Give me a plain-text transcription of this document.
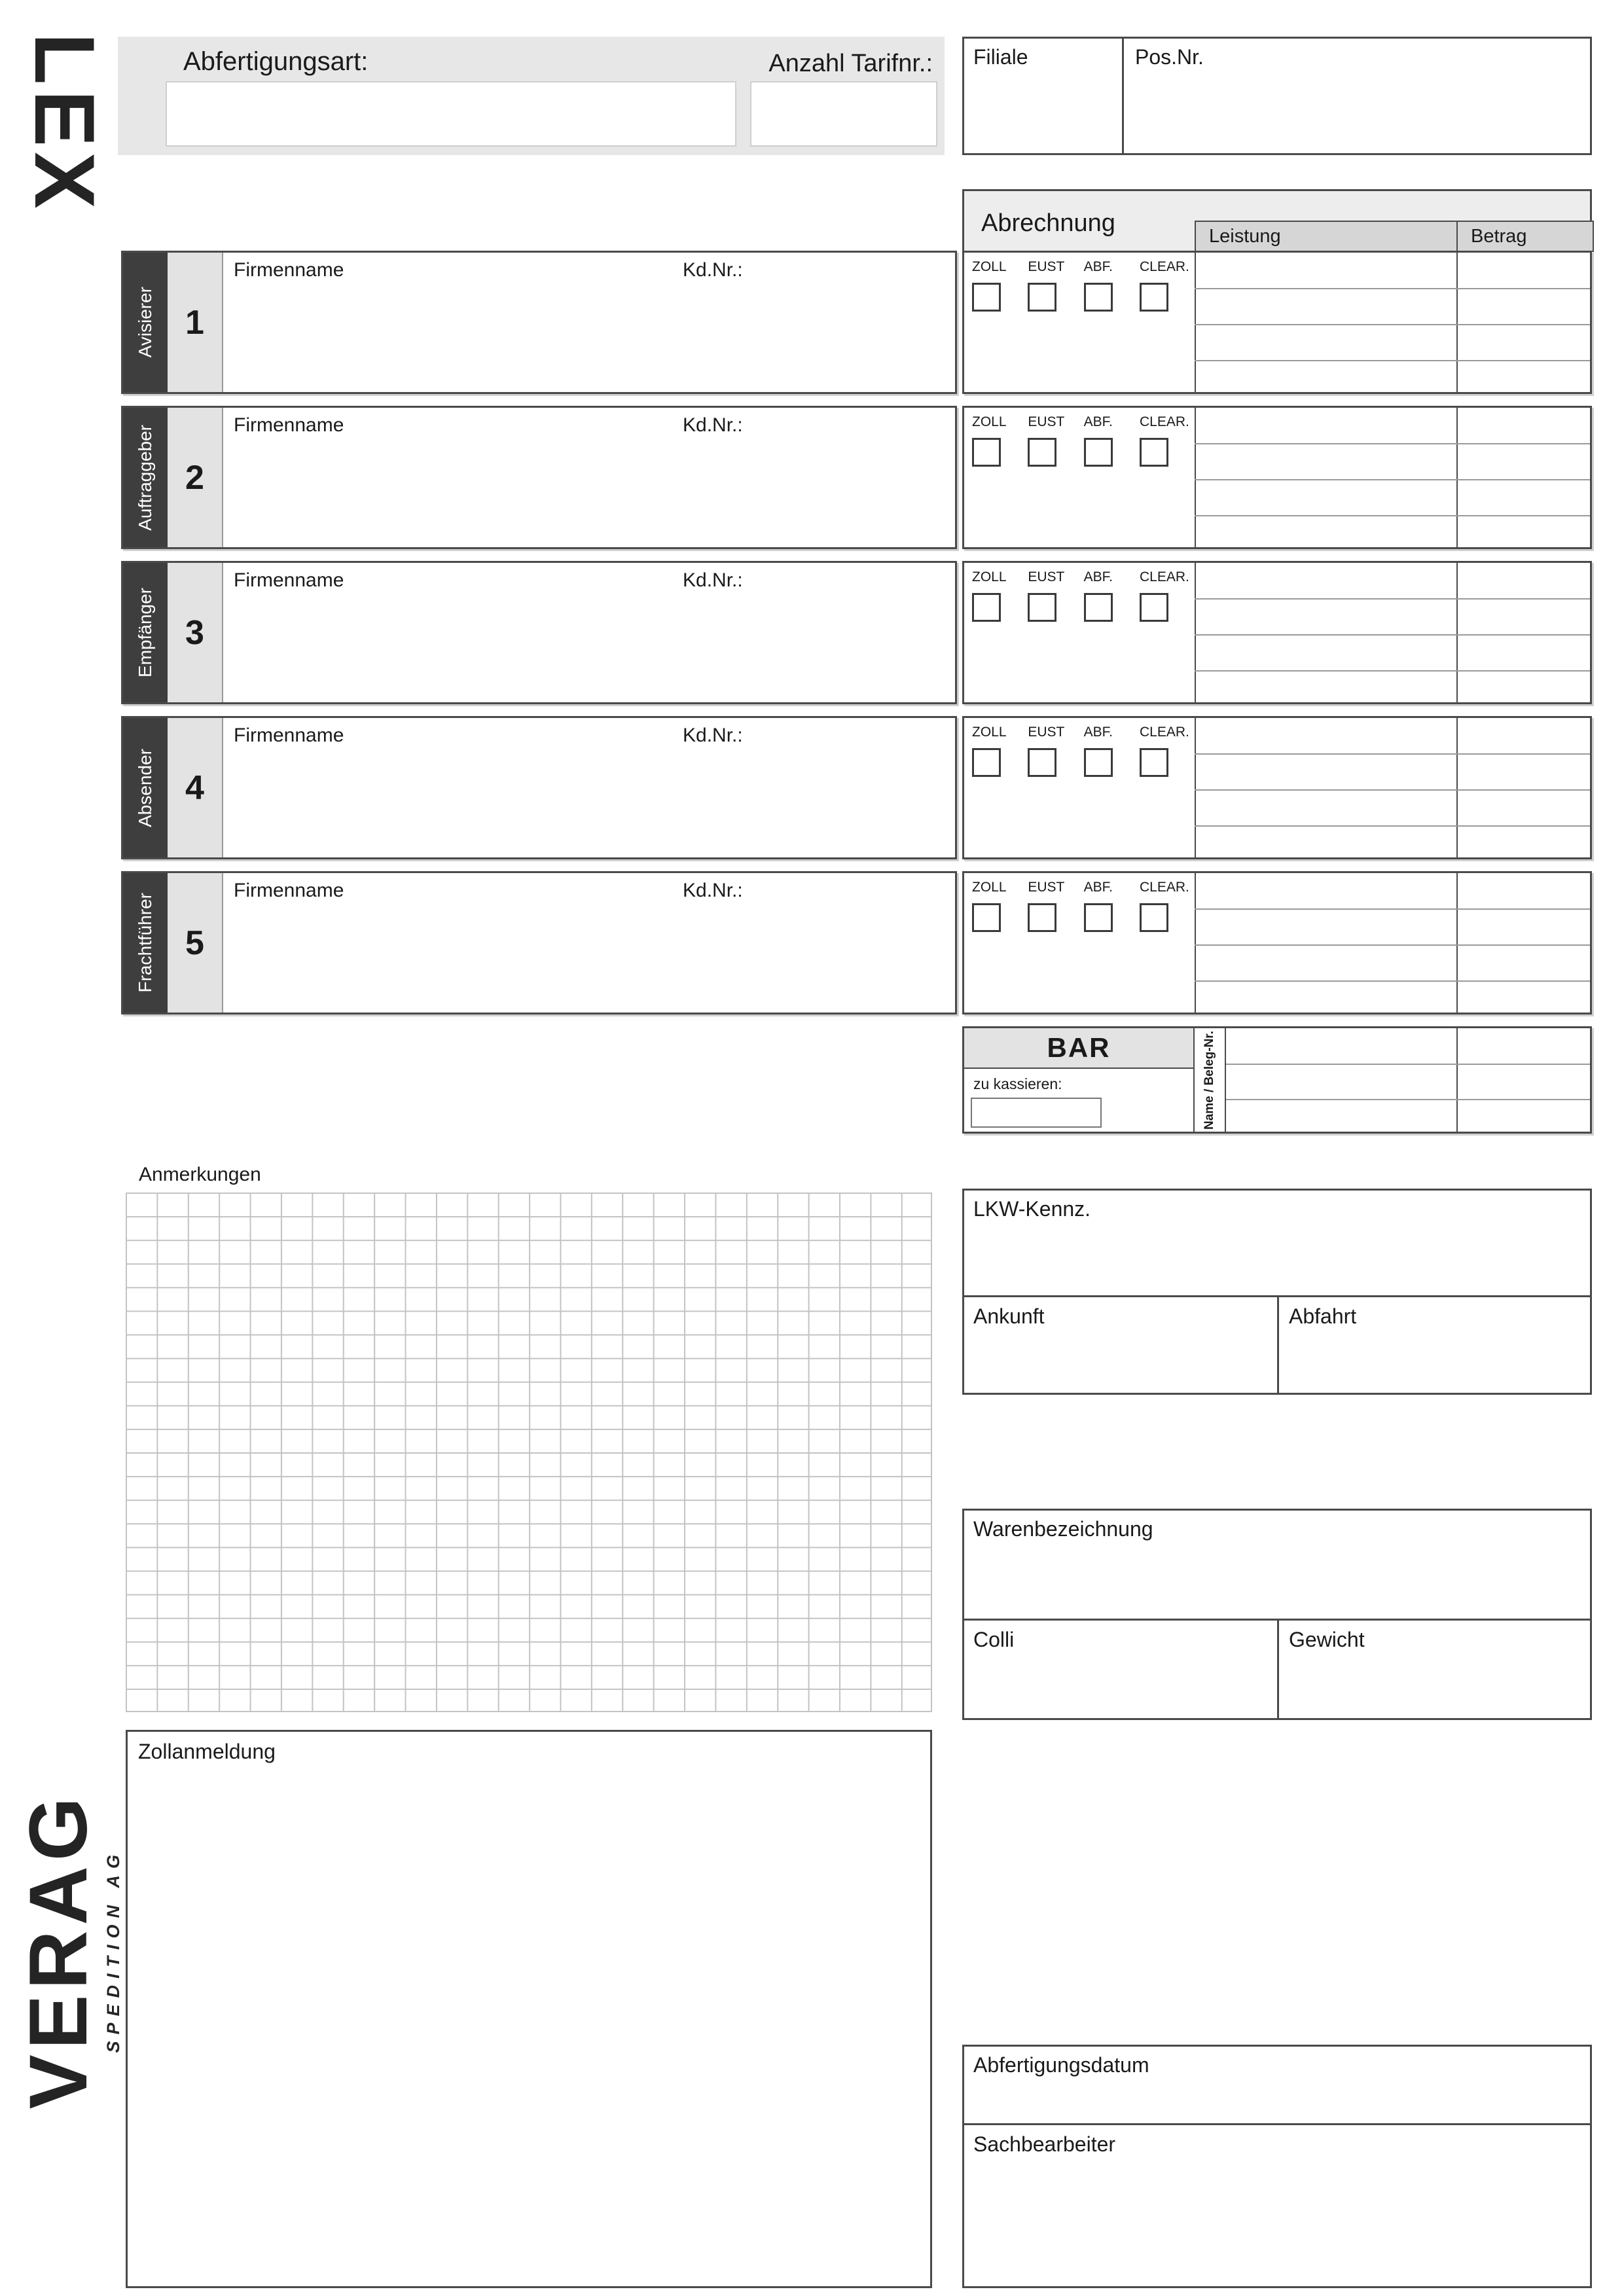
LEX
VERAG SPEDITION AG
Abfertigungsart:	Anzahl Tarifnr.: Filiale	Pos.Nr.
Abrechnung	Leistung	Betrag
Avisierer 1
Firmenname	Kd.Nr.:	ZOLL EUST ABF. CLEAR.
Auftraggeber 2
Firmenname	Kd.Nr.:	ZOLL EUST ABF. CLEAR.
Empfänger 3
Firmenname	Kd.Nr.:	ZOLL EUST ABF. CLEAR.
Absender 4
Firmenname	Kd.Nr.:	ZOLL EUST ABF. CLEAR.
Frachtführer 5
Firmenname	Kd.Nr.:	ZOLL EUST ABF. CLEAR.
BAR
zu kassieren:	Name / Beleg-Nr.
Anmerkungen
LKW-Kennz.
Ankunft	Abfahrt
Warenbezeichnung
Colli	Gewicht
Zollanmeldung
Abfertigungsdatum
Sachbearbeiter
